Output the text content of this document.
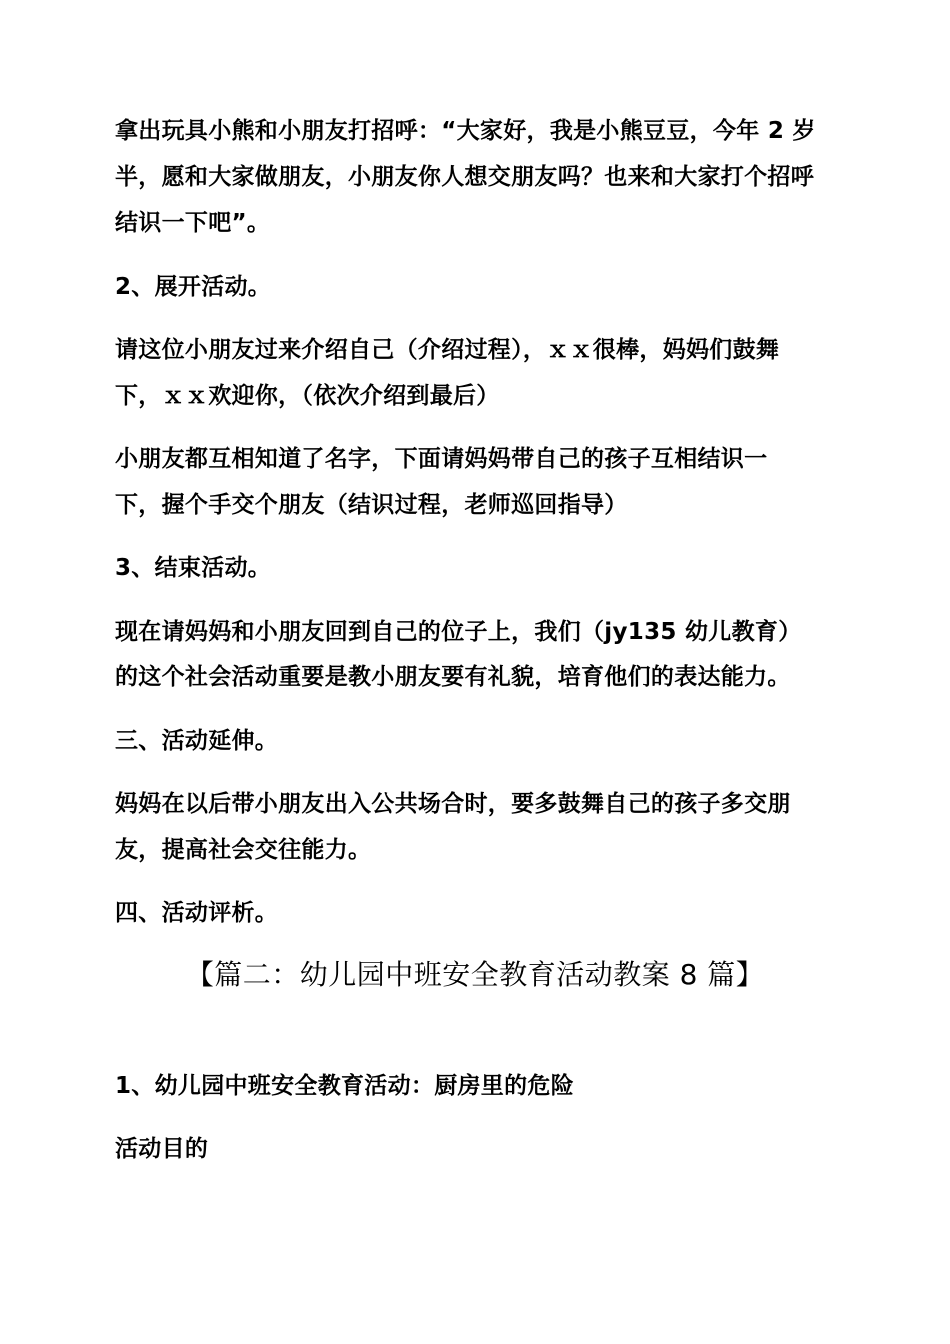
拿出玩具小熊和小朋友打招呼：“大家好，我是小熊豆豆，今年 2 岁
半，愿和大家做朋友，小朋友你人想交朋友吗？也来和大家打个招呼
结识一下吧”。
2、展开活动。
请这位小朋友过来介绍自己（介绍过程），ｘｘ很棒，妈妈们鼓舞
下，ｘｘ欢迎你，（依次介绍到最后）
小朋友都互相知道了名字，下面请妈妈带自己的孩子互相结识一
下，握个手交个朋友（结识过程，老师巡回指导）
3、结束活动。
现在请妈妈和小朋友回到自己的位子上，我们（jy135 幼儿教育）
的这个社会活动重要是教小朋友要有礼貌，培育他们的表达能力。
三、活动延伸。
妈妈在以后带小朋友出入公共场合时，要多鼓舞自己的孩子多交朋
友，提高社会交往能力。
四、活动评析。
【篇二：幼儿园中班安全教育活动教案 8 篇】
1、幼儿园中班安全教育活动：厨房里的危险
活动目的
